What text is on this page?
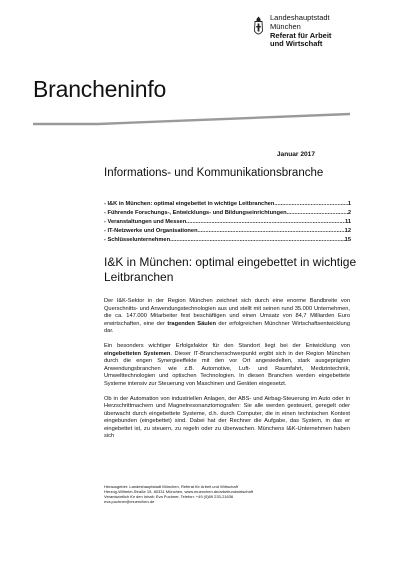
Landeshauptstadt
München
Referat für Arbeit
und Wirtschaft
Brancheninfo
Januar 2017
Informations- und Kommunikationsbranche
- I&K in München: optimal eingebettet in wichtige Leitbranchen .....	1
- Führende Forschungs-, Entwicklungs- und Bildungseinrichtungen .....	2
- Veranstaltungen und Messen .....	11
- IT-Netzwerke und Organisationen .....	12
- Schlüsselunternehmen .....	15
I&K in München: optimal eingebettet in wichtige Leitbranchen

Der I&K-Sektor in der Region München zeichnet sich durch eine enorme Bandbreite von Querschnitts- und Anwendungstechnologien aus und stellt mit seinen rund 35.000 Unternehmen, die ca. 147.000 Mitarbeiter fest beschäftigen und einen Umsatz von 84,7 Milliarden Euro erwirtschaften, eine der tragenden Säulen der erfolgreichen Münchner Wirtschaftsentwicklung dar.

Ein besonders wichtiger Erfolgsfaktor für den Standort liegt bei der Entwicklung von eingebetteten Systemen. Dieser IT-Branchenschwerpunkt ergibt sich in der Region München durch die engen Synergieeffekte mit den vor Ort angesiedelten, stark ausgeprägten Anwendungsbranchen wie z.B. Automotive, Luft- und Raumfahrt, Medizintechnik, Umwelttechnologien und optischen Technologien. In diesen Branchen werden eingebettete Systeme intensiv zur Steuerung von Maschinen und Geräten eingesetzt.

Ob in der Automation von industriellen Anlagen, der ABS- und Airbag-Steuerung im Auto oder in Herzschrittmachern und Magnetresonanztomografen: Sie alle werden gesteuert, geregelt oder überwacht durch eingebettete Systeme, d.h. durch Computer, die in einen technischen Kontext eingebunden (eingebettet) sind. Dabei hat der Rechner die Aufgabe, das System, in das er eingebettet ist, zu steuern, zu regeln oder zu überwachen. Münchens I&K-Unternehmen haben sich

Herausgeber: Landeshauptstadt München, Referat für Arbeit und Wirtschaft
Herzog-Wilhelm-Straße 15, 80331 München, www.muenchen.de/arbeitundwirtschaft
Verantwortlich für den Inhalt: Eva Puchner, Telefon: +49 (0)89 233-21636
eva.puchner@muenchen.de
